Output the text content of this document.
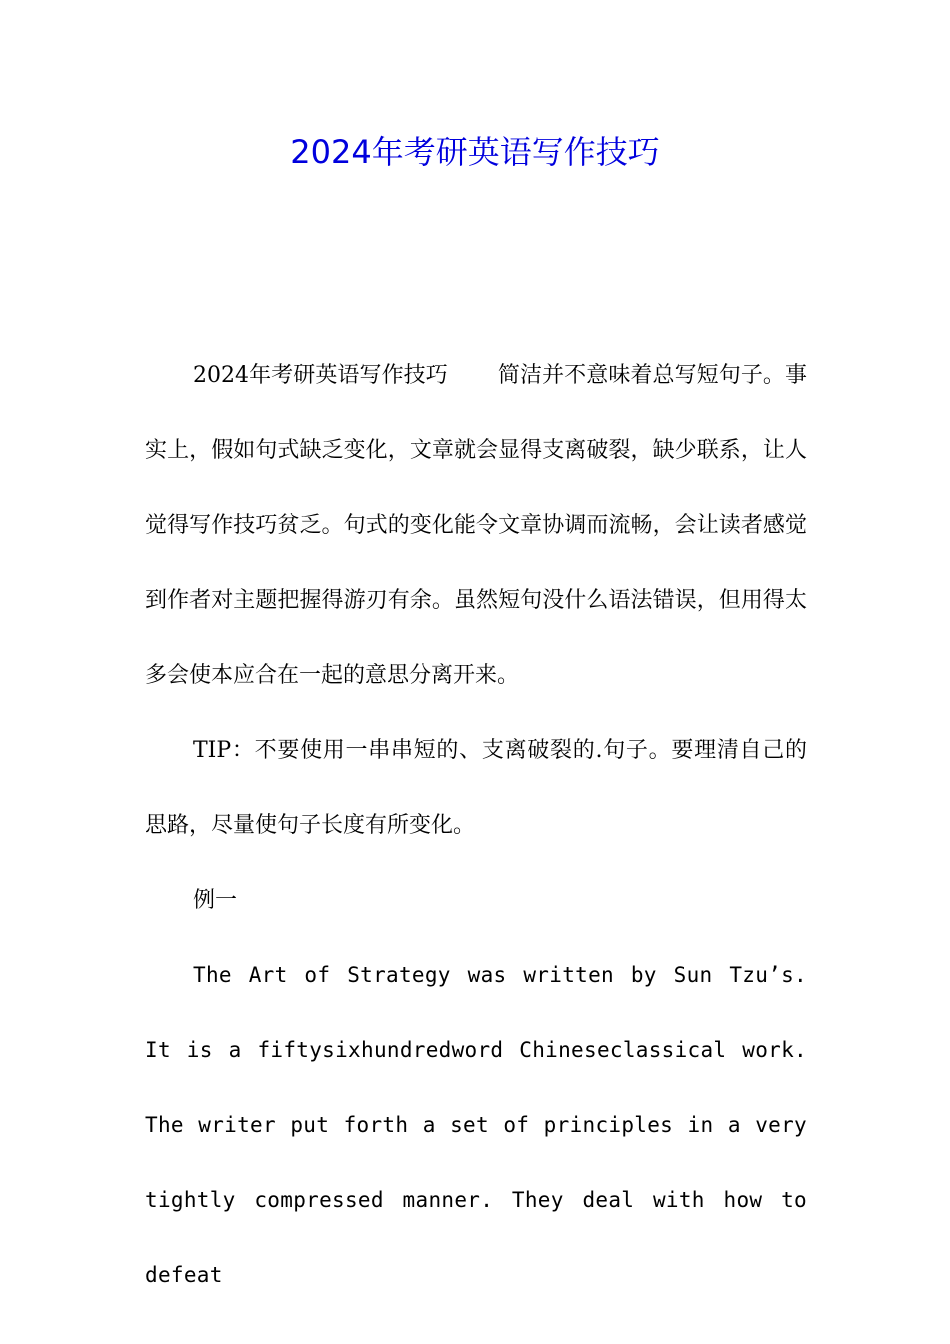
2024年考研英语写作技巧

2024年考研英语写作技巧 简洁并不意味着总写短句子。事实上，假如句式缺乏变化，文章就会显得支离破裂，缺少联系，让人觉得写作技巧贫乏。句式的变化能令文章协调而流畅，会让读者感觉到作者对主题把握得游刃有余。虽然短句没什么语法错误，但用得太多会使本应合在一起的意思分离开来。

TIP：不要使用一串串短的、支离破裂的.句子。要理清自己的思路，尽量使句子长度有所变化。

例一

The Art of Strategy was written by Sun Tzu’s. It is a fiftysixhundredword Chineseclassical work. The writer put forth a set of principles in a very tightly compressed manner. They deal with how to defeat
